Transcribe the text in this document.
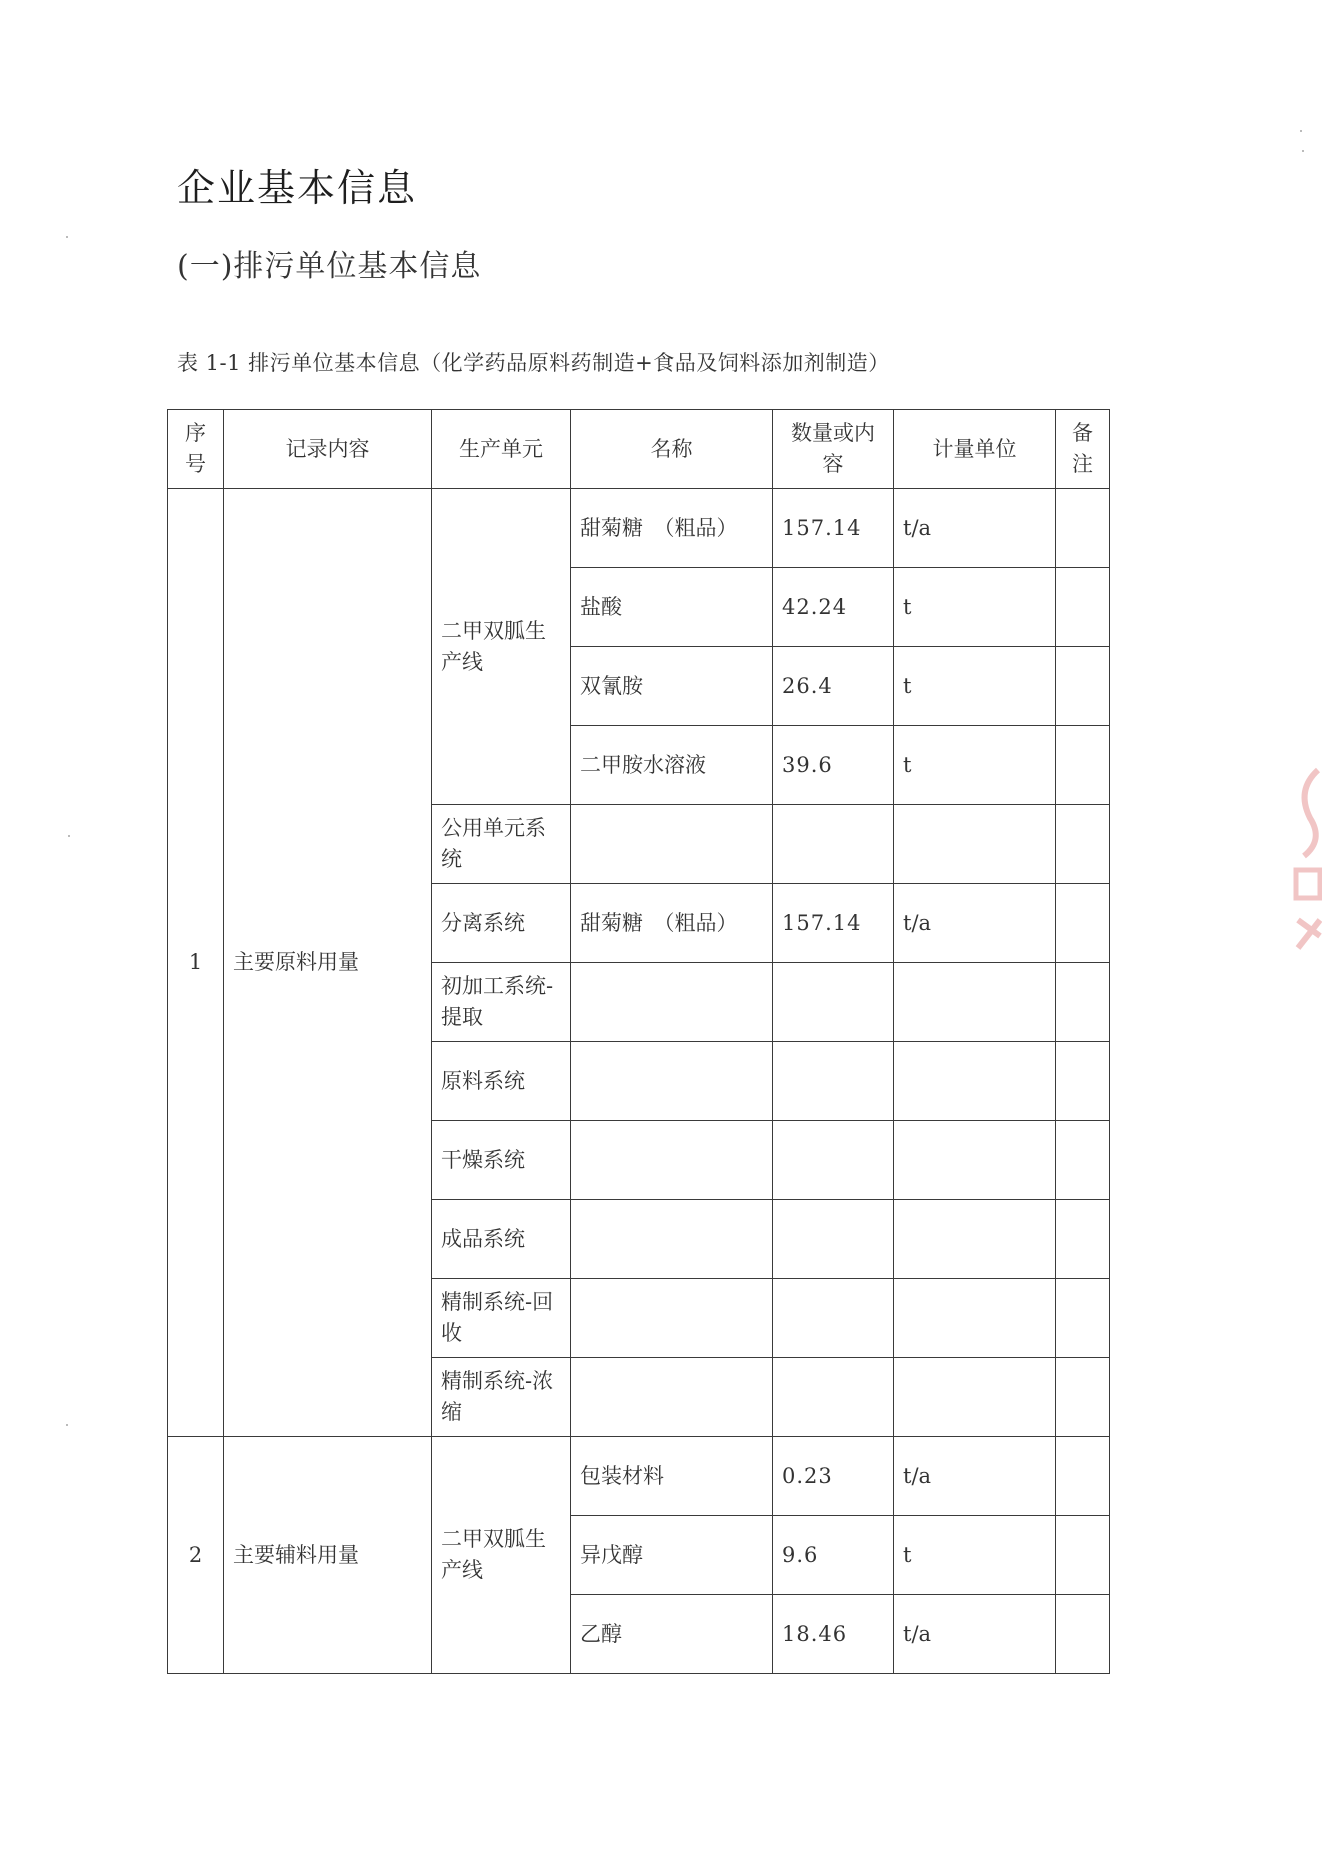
企业基本信息
(一)排污单位基本信息
表 1-1 排污单位基本信息（化学药品原料药制造+食品及饲料添加剂制造）
序号	记录内容	生产单元	名称	数量或内容	计量单位	备注
1	主要原料用量	二甲双胍生产线	甜菊糖　（粗品）	157.14	t/a	
			盐酸	42.24	t	
			双氰胺	26.4	t	
			二甲胺水溶液	39.6	t	
		公用单元系统				
		分离系统	甜菊糖　（粗品）	157.14	t/a	
		初加工系统-提取				
		原料系统				
		干燥系统				
		成品系统				
		精制系统-回收				
		精制系统-浓缩				
2	主要辅料用量	二甲双胍生产线	包装材料	0.23	t/a	
			异戊醇	9.6	t	
			乙醇	18.46	t/a	
